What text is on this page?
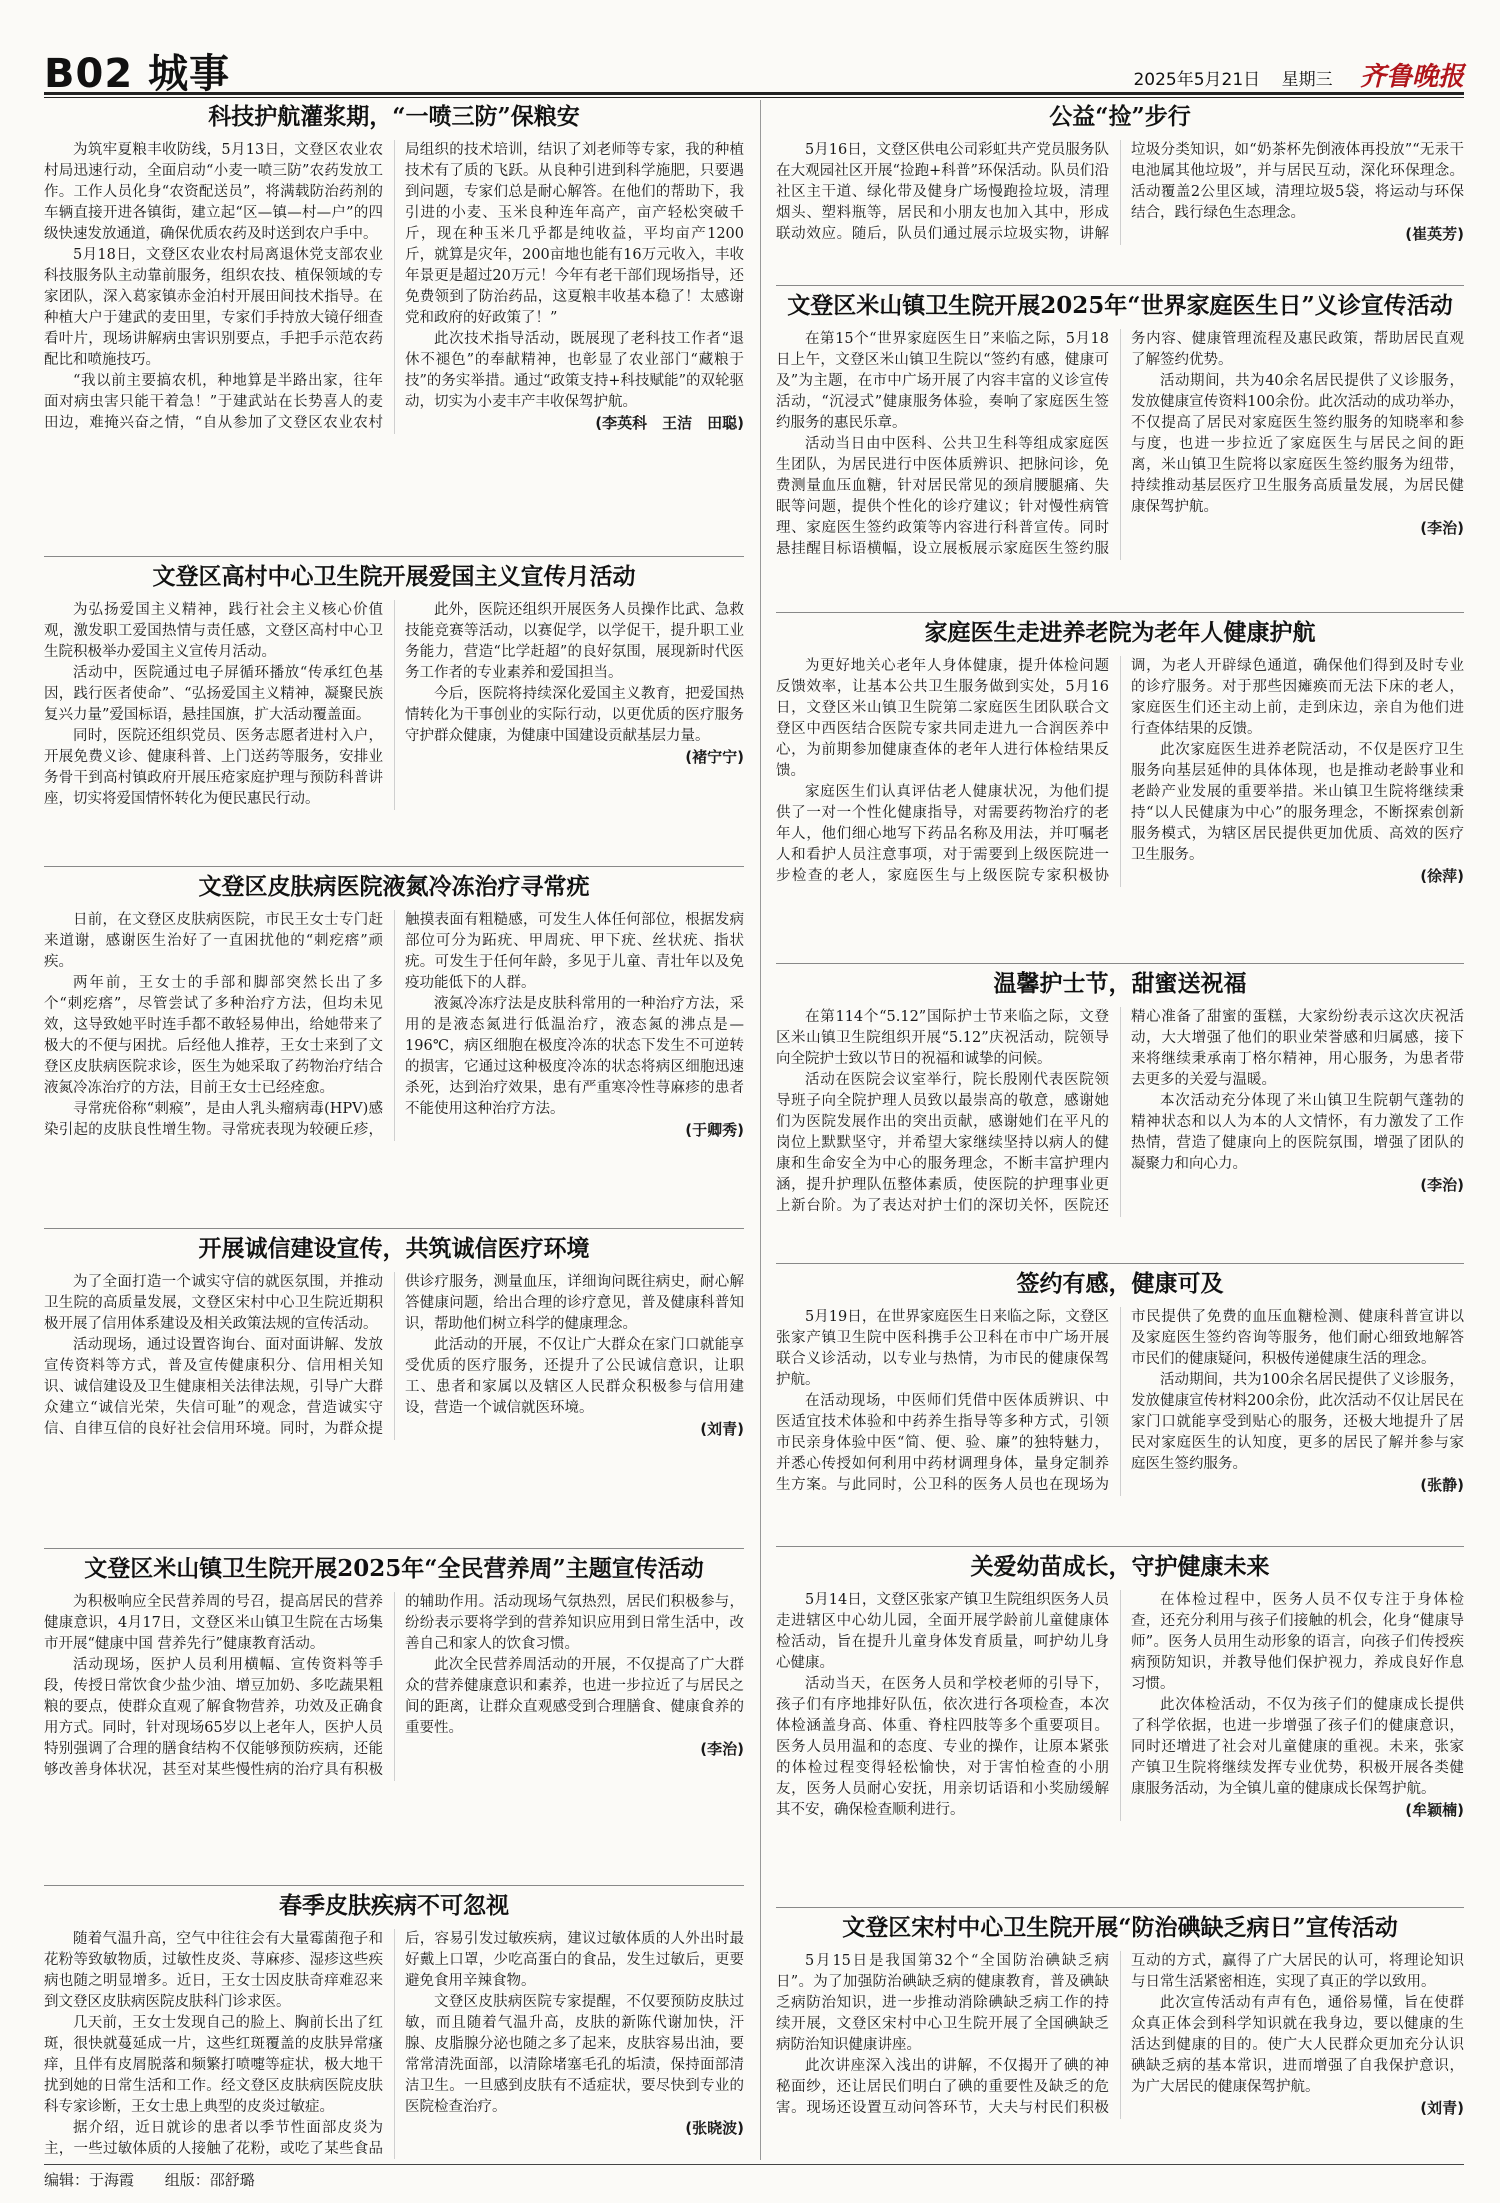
B02 城事	2025年5月21日 星期三 齐鲁晚报
科技护航灌浆期，“一喷三防”保粮安

为筑牢夏粮丰收防线，5月13日，文登区农业农村局迅速行动，全面启动“小麦一喷三防”农药发放工作。工作人员化身“农资配送员”，将满载防治药剂的车辆直接开进各镇街，建立起“区—镇—村—户”的四级快速发放通道，确保优质农药及时送到农户手中。

5月18日，文登区农业农村局离退休党支部农业科技服务队主动靠前服务，组织农技、植保领域的专家团队，深入葛家镇赤金泊村开展田间技术指导。在种植大户于建武的麦田里，专家们手持放大镜仔细查看叶片，现场讲解病虫害识别要点，手把手示范农药配比和喷施技巧。

“我以前主要搞农机，种地算是半路出家，往年面对病虫害只能干着急！”于建武站在长势喜人的麦田边，难掩兴奋之情，“自从参加了文登区农业农村局组织的技术培训，结识了刘老师等专家，我的种植技术有了质的飞跃。从良种引进到科学施肥，只要遇到问题，专家们总是耐心解答。在他们的帮助下，我引进的小麦、玉米良种连年高产，亩产轻松突破千斤，现在种玉米几乎都是纯收益，平均亩产1200斤，就算是灾年，200亩地也能有16万元收入，丰收年景更是超过20万元！今年有老干部们现场指导，还免费领到了防治药品，这夏粮丰收基本稳了！太感谢党和政府的好政策了！”

此次技术指导活动，既展现了老科技工作者“退休不褪色”的奉献精神，也彰显了农业部门“藏粮于技”的务实举措。通过“政策支持+科技赋能”的双轮驱动，切实为小麦丰产丰收保驾护航。

(李英科　王洁　田聪)
文登区高村中心卫生院开展爱国主义宣传月活动

为弘扬爱国主义精神，践行社会主义核心价值观，激发职工爱国热情与责任感，文登区高村中心卫生院积极举办爱国主义宣传月活动。

活动中，医院通过电子屏循环播放“传承红色基因，践行医者使命”、“弘扬爱国主义精神，凝聚民族复兴力量”爱国标语，悬挂国旗，扩大活动覆盖面。

同时，医院还组织党员、医务志愿者进村入户，开展免费义诊、健康科普、上门送药等服务，安排业务骨干到高村镇政府开展压疮家庭护理与预防科普讲座，切实将爱国情怀转化为便民惠民行动。

此外，医院还组织开展医务人员操作比武、急救技能竞赛等活动，以赛促学，以学促干，提升职工业务能力，营造“比学赶超”的良好氛围，展现新时代医务工作者的专业素养和爱国担当。

今后，医院将持续深化爱国主义教育，把爱国热情转化为干事创业的实际行动，以更优质的医疗服务守护群众健康，为健康中国建设贡献基层力量。

(褚宁宁)
文登区皮肤病医院液氮冷冻治疗寻常疣

日前，在文登区皮肤病医院，市民王女士专门赶来道谢，感谢医生治好了一直困扰他的“刺疙瘩”顽疾。

两年前，王女士的手部和脚部突然长出了多个“刺疙瘩”，尽管尝试了多种治疗方法，但均未见效，这导致她平时连手都不敢轻易伸出，给她带来了极大的不便与困扰。后经他人推荐，王女士来到了文登区皮肤病医院求诊，医生为她采取了药物治疗结合液氮冷冻治疗的方法，目前王女士已经痊愈。

寻常疣俗称“刺瘊”，是由人乳头瘤病毒(HPV)感染引起的皮肤良性增生物。寻常疣表现为较硬丘疹，触摸表面有粗糙感，可发生人体任何部位，根据发病部位可分为跖疣、甲周疣、甲下疣、丝状疣、指状疣。可发生于任何年龄，多见于儿童、青壮年以及免疫功能低下的人群。

液氮冷冻疗法是皮肤科常用的一种治疗方法，采用的是液态氮进行低温治疗，液态氮的沸点是—196℃，病区细胞在极度冷冻的状态下发生不可逆转的损害，它通过这种极度冷冻的状态将病区细胞迅速杀死，达到治疗效果，患有严重寒冷性荨麻疹的患者不能使用这种治疗方法。

(于卿秀)
开展诚信建设宣传，共筑诚信医疗环境

为了全面打造一个诚实守信的就医氛围，并推动卫生院的高质量发展，文登区宋村中心卫生院近期积极开展了信用体系建设及相关政策法规的宣传活动。

活动现场，通过设置咨询台、面对面讲解、发放宣传资料等方式，普及宣传健康积分、信用相关知识、诚信建设及卫生健康相关法律法规，引导广大群众建立“诚信光荣，失信可耻”的观念，营造诚实守信、自律互信的良好社会信用环境。同时，为群众提供诊疗服务，测量血压，详细询问既往病史，耐心解答健康问题，给出合理的诊疗意见，普及健康科普知识，帮助他们树立科学的健康理念。

此活动的开展，不仅让广大群众在家门口就能享受优质的医疗服务，还提升了公民诚信意识，让职工、患者和家属以及辖区人民群众积极参与信用建设，营造一个诚信就医环境。

(刘青)
文登区米山镇卫生院开展2025年“全民营养周”主题宣传活动

为积极响应全民营养周的号召，提高居民的营养健康意识，4月17日，文登区米山镇卫生院在古场集市开展“健康中国 营养先行”健康教育活动。

活动现场，医护人员利用横幅、宣传资料等手段，传授日常饮食少盐少油、增豆加奶、多吃蔬果粗粮的要点，使群众直观了解食物营养，功效及正确食用方式。同时，针对现场65岁以上老年人，医护人员特别强调了合理的膳食结构不仅能够预防疾病，还能够改善身体状况，甚至对某些慢性病的治疗具有积极的辅助作用。活动现场气氛热烈，居民们积极参与，纷纷表示要将学到的营养知识应用到日常生活中，改善自己和家人的饮食习惯。

此次全民营养周活动的开展，不仅提高了广大群众的营养健康意识和素养，也进一步拉近了与居民之间的距离，让群众直观感受到合理膳食、健康食养的重要性。

(李治)
春季皮肤疾病不可忽视

随着气温升高，空气中往往会有大量霉菌孢子和花粉等致敏物质，过敏性皮炎、荨麻疹、湿疹这些疾病也随之明显增多。近日，王女士因皮肤奇痒难忍来到文登区皮肤病医院皮肤科门诊求医。

几天前，王女士发现自己的脸上、胸前长出了红斑，很快就蔓延成一片，这些红斑覆盖的皮肤异常瘙痒，且伴有皮屑脱落和频繁打喷嚏等症状，极大地干扰到她的日常生活和工作。经文登区皮肤病医院皮肤科专家诊断，王女士患上典型的皮炎过敏症。

据介绍，近日就诊的患者以季节性面部皮炎为主，一些过敏体质的人接触了花粉，或吃了某些食品后，容易引发过敏疾病，建议过敏体质的人外出时最好戴上口罩，少吃高蛋白的食品，发生过敏后，更要避免食用辛辣食物。

文登区皮肤病医院专家提醒，不仅要预防皮肤过敏，而且随着气温升高，皮肤的新陈代谢加快，汗腺、皮脂腺分泌也随之多了起来，皮肤容易出油，要常常清洗面部，以清除堵塞毛孔的垢渍，保持面部清洁卫生。一旦感到皮肤有不适症状，要尽快到专业的医院检查治疗。

(张晓波)
公益“捡”步行

5月16日，文登区供电公司彩虹共产党员服务队在大观园社区开展“捡跑+科普”环保活动。队员们沿社区主干道、绿化带及健身广场慢跑捡垃圾，清理烟头、塑料瓶等，居民和小朋友也加入其中，形成联动效应。随后，队员们通过展示垃圾实物，讲解垃圾分类知识，如“奶茶杯先倒液体再投放”“无汞干电池属其他垃圾”，并与居民互动，深化环保理念。活动覆盖2公里区域，清理垃圾5袋，将运动与环保结合，践行绿色生态理念。

(崔英芳)
文登区米山镇卫生院开展2025年“世界家庭医生日”义诊宣传活动

在第15个“世界家庭医生日”来临之际，5月18日上午，文登区米山镇卫生院以“签约有感，健康可及”为主题，在市中广场开展了内容丰富的义诊宣传活动，“沉浸式”健康服务体验，奏响了家庭医生签约服务的惠民乐章。

活动当日由中医科、公共卫生科等组成家庭医生团队，为居民进行中医体质辨识、把脉问诊，免费测量血压血糖，针对居民常见的颈肩腰腿痛、失眠等问题，提供个性化的诊疗建议；针对慢性病管理、家庭医生签约政策等内容进行科普宣传。同时悬挂醒目标语横幅，设立展板展示家庭医生签约服务内容、健康管理流程及惠民政策，帮助居民直观了解签约优势。

活动期间，共为40余名居民提供了义诊服务，发放健康宣传资料100余份。此次活动的成功举办，不仅提高了居民对家庭医生签约服务的知晓率和参与度，也进一步拉近了家庭医生与居民之间的距离，米山镇卫生院将以家庭医生签约服务为纽带，持续推动基层医疗卫生服务高质量发展，为居民健康保驾护航。

(李治)
家庭医生走进养老院为老年人健康护航

为更好地关心老年人身体健康，提升体检问题反馈效率，让基本公共卫生服务做到实处，5月16日，文登区米山镇卫生院第二家庭医生团队联合文登区中西医结合医院专家共同走进九一合润医养中心，为前期参加健康查体的老年人进行体检结果反馈。

家庭医生们认真评估老人健康状况，为他们提供了一对一个性化健康指导，对需要药物治疗的老年人，他们细心地写下药品名称及用法，并叮嘱老人和看护人员注意事项，对于需要到上级医院进一步检查的老人，家庭医生与上级医院专家积极协调，为老人开辟绿色通道，确保他们得到及时专业的诊疗服务。对于那些因瘫痪而无法下床的老人，家庭医生们还主动上前，走到床边，亲自为他们进行查体结果的反馈。

此次家庭医生进养老院活动，不仅是医疗卫生服务向基层延伸的具体体现，也是推动老龄事业和老龄产业发展的重要举措。米山镇卫生院将继续秉持“以人民健康为中心”的服务理念，不断探索创新服务模式，为辖区居民提供更加优质、高效的医疗卫生服务。

(徐萍)
温馨护士节，甜蜜送祝福

在第114个“5.12”国际护士节来临之际，文登区米山镇卫生院组织开展“5.12”庆祝活动，院领导向全院护士致以节日的祝福和诚挚的问候。

活动在医院会议室举行，院长殷刚代表医院领导班子向全院护理人员致以最崇高的敬意，感谢她们为医院发展作出的突出贡献，感谢她们在平凡的岗位上默默坚守，并希望大家继续坚持以病人的健康和生命安全为中心的服务理念，不断丰富护理内涵，提升护理队伍整体素质，使医院的护理事业更上新台阶。为了表达对护士们的深切关怀，医院还精心准备了甜蜜的蛋糕，大家纷纷表示这次庆祝活动，大大增强了他们的职业荣誉感和归属感，接下来将继续秉承南丁格尔精神，用心服务，为患者带去更多的关爱与温暖。

本次活动充分体现了米山镇卫生院朝气蓬勃的精神状态和以人为本的人文情怀，有力激发了工作热情，营造了健康向上的医院氛围，增强了团队的凝聚力和向心力。

(李治)
签约有感，健康可及

5月19日，在世界家庭医生日来临之际，文登区张家产镇卫生院中医科携手公卫科在市中广场开展联合义诊活动，以专业与热情，为市民的健康保驾护航。

在活动现场，中医师们凭借中医体质辨识、中医适宜技术体验和中药养生指导等多种方式，引领市民亲身体验中医“简、便、验、廉”的独特魅力，并悉心传授如何利用中药材调理身体，量身定制养生方案。与此同时，公卫科的医务人员也在现场为市民提供了免费的血压血糖检测、健康科普宣讲以及家庭医生签约咨询等服务，他们耐心细致地解答市民们的健康疑问，积极传递健康生活的理念。

活动期间，共为100余名居民提供了义诊服务，发放健康宣传材料200余份，此次活动不仅让居民在家门口就能享受到贴心的服务，还极大地提升了居民对家庭医生的认知度，更多的居民了解并参与家庭医生签约服务。

(张静)
关爱幼苗成长，守护健康未来

5月14日，文登区张家产镇卫生院组织医务人员走进辖区中心幼儿园，全面开展学龄前儿童健康体检活动，旨在提升儿童身体发育质量，呵护幼儿身心健康。

活动当天，在医务人员和学校老师的引导下，孩子们有序地排好队伍，依次进行各项检查，本次体检涵盖身高、体重、脊柱四肢等多个重要项目。医务人员用温和的态度、专业的操作，让原本紧张的体检过程变得轻松愉快，对于害怕检查的小朋友，医务人员耐心安抚，用亲切话语和小奖励缓解其不安，确保检查顺利进行。

在体检过程中，医务人员不仅专注于身体检查，还充分利用与孩子们接触的机会，化身“健康导师”。医务人员用生动形象的语言，向孩子们传授疾病预防知识，并教导他们保护视力，养成良好作息习惯。

此次体检活动，不仅为孩子们的健康成长提供了科学依据，也进一步增强了孩子们的健康意识，同时还增进了社会对儿童健康的重视。未来，张家产镇卫生院将继续发挥专业优势，积极开展各类健康服务活动，为全镇儿童的健康成长保驾护航。

(牟颖楠)
文登区宋村中心卫生院开展“防治碘缺乏病日”宣传活动

5月15日是我国第32个“全国防治碘缺乏病日”。为了加强防治碘缺乏病的健康教育，普及碘缺乏病防治知识，进一步推动消除碘缺乏病工作的持续开展，文登区宋村中心卫生院开展了全国碘缺乏病防治知识健康讲座。

此次讲座深入浅出的讲解，不仅揭开了碘的神秘面纱，还让居民们明白了碘的重要性及缺乏的危害。现场还设置互动问答环节，大夫与村民们积极互动的方式，赢得了广大居民的认可，将理论知识与日常生活紧密相连，实现了真正的学以致用。

此次宣传活动有声有色，通俗易懂，旨在使群众真正体会到科学知识就在我身边，要以健康的生活达到健康的目的。使广大人民群众更加充分认识碘缺乏病的基本常识，进而增强了自我保护意识，为广大居民的健康保驾护航。

(刘青)
编辑：于海霞 组版：邵舒璐
